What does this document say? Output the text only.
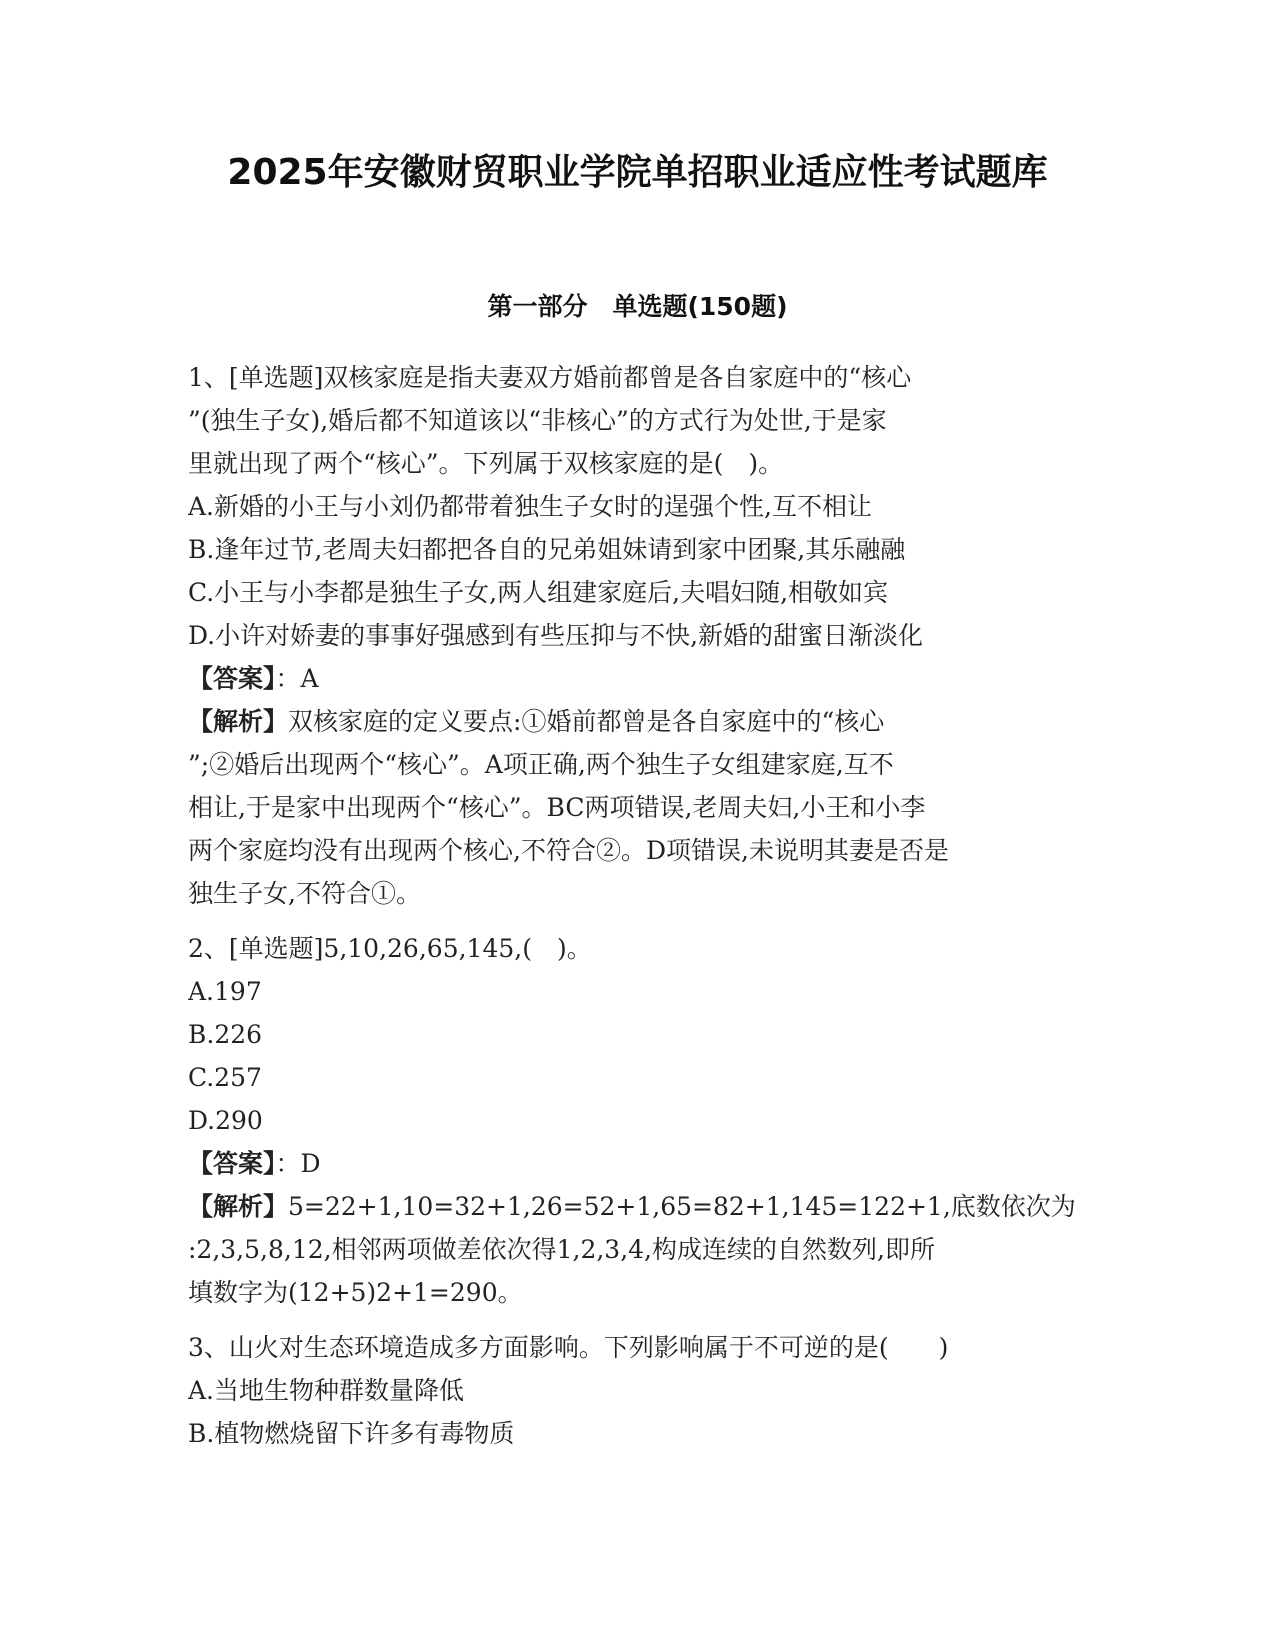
2025年安徽财贸职业学院单招职业适应性考试题库
第一部分　单选题(150题)
1、[单选题]双核家庭是指夫妻双方婚前都曾是各自家庭中的“核心
”(独生子女),婚后都不知道该以“非核心”的方式行为处世,于是家
里就出现了两个“核心”。下列属于双核家庭的是(　)。
A.新婚的小王与小刘仍都带着独生子女时的逞强个性,互不相让
B.逢年过节,老周夫妇都把各自的兄弟姐妹请到家中团聚,其乐融融
C.小王与小李都是独生子女,两人组建家庭后,夫唱妇随,相敬如宾
D.小许对娇妻的事事好强感到有些压抑与不快,新婚的甜蜜日渐淡化
【答案】：A
【解析】双核家庭的定义要点:①婚前都曾是各自家庭中的“核心
”;②婚后出现两个“核心”。A项正确,两个独生子女组建家庭,互不
相让,于是家中出现两个“核心”。BC两项错误,老周夫妇,小王和小李
两个家庭均没有出现两个核心,不符合②。D项错误,未说明其妻是否是
独生子女,不符合①。
2、[单选题]5,10,26,65,145,(　)。
A.197
B.226
C.257
D.290
【答案】：D
【解析】5=22+1,10=32+1,26=52+1,65=82+1,145=122+1,底数依次为
:2,3,5,8,12,相邻两项做差依次得1,2,3,4,构成连续的自然数列,即所
填数字为(12+5)2+1=290。
3、山火对生态环境造成多方面影响。下列影响属于不可逆的是(　　)
A.当地生物种群数量降低
B.植物燃烧留下许多有毒物质
